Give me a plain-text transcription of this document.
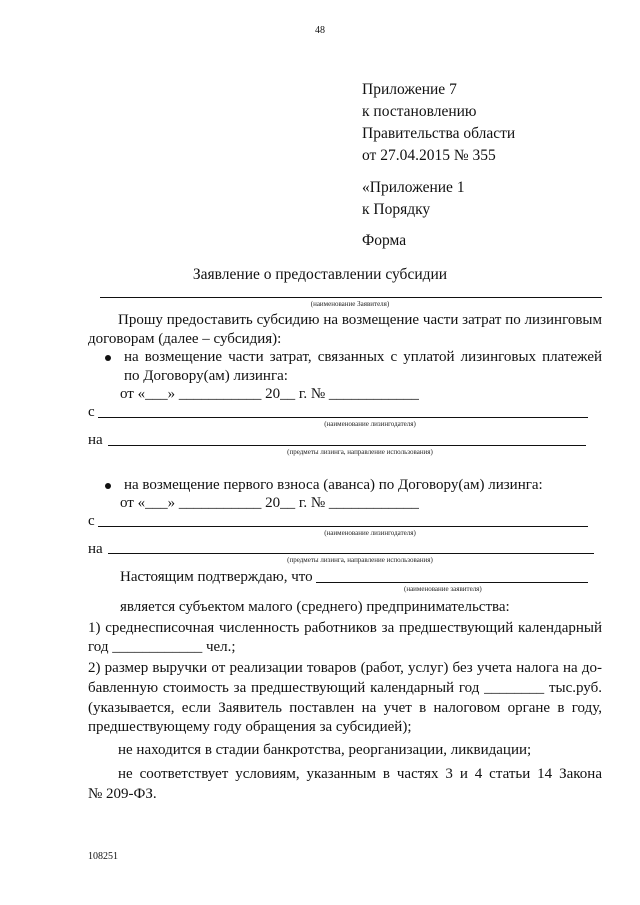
48
Приложение 7
к постановлению
Правительства области
от 27.04.2015 № 355
«Приложение 1
к Порядку
Форма
Заявление о предоставлении субсидии
(наименование Заявителя)
Прошу предоставить субсидию на возмещение части затрат по лизинговым
договорам (далее – субсидия):
на возмещение части затрат, связанных с уплатой лизинговых платежей
по Договору(ам) лизинга:
от «___» ___________ 20__ г. № ____________
с
(наименование лизингодателя)
на
(предметы лизинга, направление использования)
на возмещение первого взноса (аванса) по Договору(ам) лизинга:
от «___» ___________ 20__ г. № ____________
с
(наименование лизингодателя)
на
(предметы лизинга, направление использования)
Настоящим подтверждаю, что
(наименование заявителя)
является субъектом малого (среднего) предпринимательства:
1) среднесписочная численность работников за предшествующий календарный
год ____________ чел.;
2) размер выручки от реализации товаров (работ, услуг) без учета налога на до-
бавленную стоимость за предшествующий календарный год ________ тыс.руб.
(указывается, если Заявитель поставлен на учет в налоговом органе в году,
предшествующему году обращения за субсидией);
не находится в стадии банкротства, реорганизации, ликвидации;
не соответствует условиям, указанным в частях 3 и 4 статьи 14 Закона
№ 209-ФЗ.
108251
